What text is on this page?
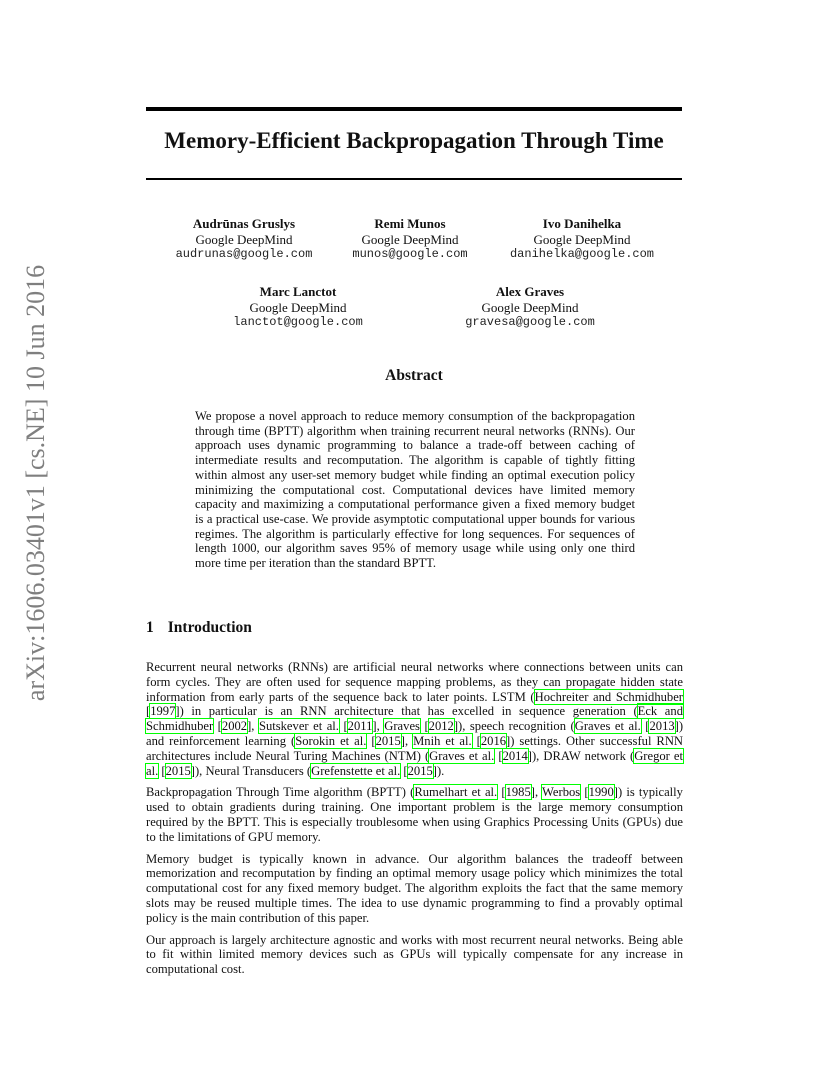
arXiv:1606.03401v1 [cs.NE] 10 Jun 2016
Memory-Efficient Backpropagation Through Time
Audrūnas Gruslys
Google DeepMind
audrunas@google.com
Remi Munos
Google DeepMind
munos@google.com
Ivo Danihelka
Google DeepMind
danihelka@google.com
Marc Lanctot
Google DeepMind
lanctot@google.com
Alex Graves
Google DeepMind
gravesa@google.com
Abstract
We propose a novel approach to reduce memory consumption of the backpropagation through time (BPTT) algorithm when training recurrent neural networks (RNNs). Our approach uses dynamic programming to balance a trade-off between caching of intermediate results and recomputation. The algorithm is capable of tightly fitting within almost any user-set memory budget while finding an optimal execution policy minimizing the computational cost. Computational devices have limited memory capacity and maximizing a computational performance given a fixed memory budget is a practical use-case. We provide asymptotic computational upper bounds for various regimes. The algorithm is particularly effective for long sequences. For sequences of length 1000, our algorithm saves 95% of memory usage while using only one third more time per iteration than the standard BPTT.
1 Introduction

Recurrent neural networks (RNNs) are artificial neural networks where connections between units can form cycles. They are often used for sequence mapping problems, as they can propagate hidden state information from early parts of the sequence back to later points. LSTM (Hochreiter and Schmidhuber [1997]) in particular is an RNN architecture that has excelled in sequence generation (Eck and Schmidhuber [2002], Sutskever et al. [2011], Graves [2012]), speech recognition (Graves et al. [2013]) and reinforcement learning (Sorokin et al. [2015], Mnih et al. [2016]) settings. Other successful RNN architectures include Neural Turing Machines (NTM) (Graves et al. [2014]), DRAW network (Gregor et al. [2015]), Neural Transducers (Grefenstette et al. [2015]).

Backpropagation Through Time algorithm (BPTT) (Rumelhart et al. [1985], Werbos [1990]) is typically used to obtain gradients during training. One important problem is the large memory consumption required by the BPTT. This is especially troublesome when using Graphics Processing Units (GPUs) due to the limitations of GPU memory.

Memory budget is typically known in advance. Our algorithm balances the tradeoff between memorization and recomputation by finding an optimal memory usage policy which minimizes the total computational cost for any fixed memory budget. The algorithm exploits the fact that the same memory slots may be reused multiple times. The idea to use dynamic programming to find a provably optimal policy is the main contribution of this paper.

Our approach is largely architecture agnostic and works with most recurrent neural networks. Being able to fit within limited memory devices such as GPUs will typically compensate for any increase in computational cost.
